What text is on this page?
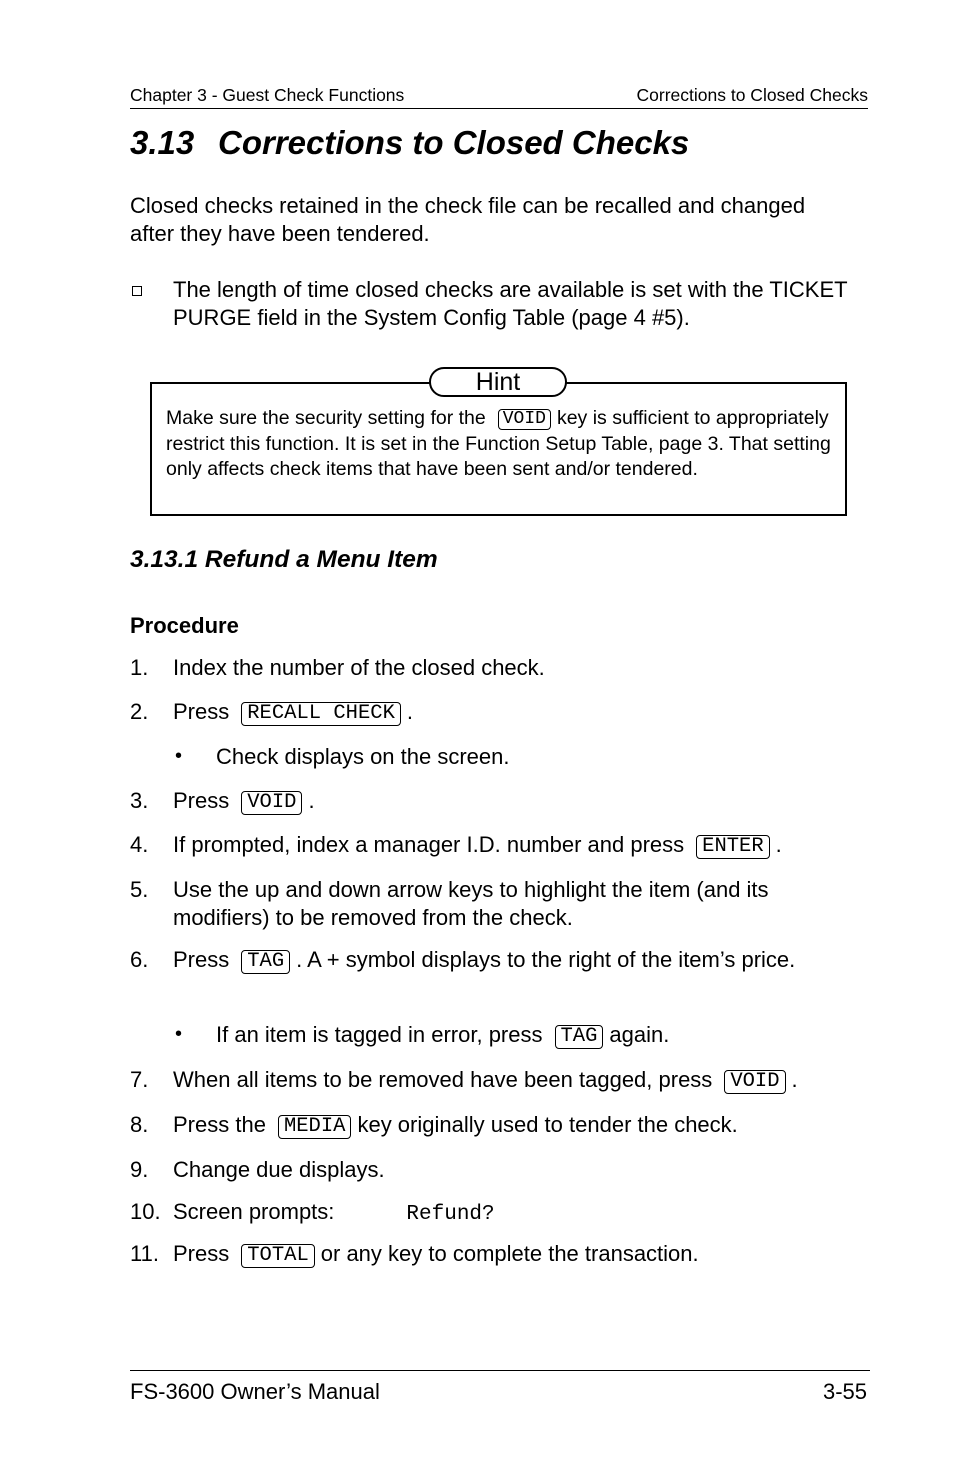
Chapter 3 - Guest Check Functions	Corrections to Closed Checks
3.13 Corrections to Closed Checks
Closed checks retained in the check file can be recalled and changed after they have been tendered.
The length of time closed checks are available is set with the TICKET PURGE field in the System Config Table (page 4 #5).
Hint
Make sure the security setting for the VOID key is sufficient to appropriately restrict this function. It is set in the Function Setup Table, page 3. That setting only affects check items that have been sent and/or tendered.
3.13.1 Refund a Menu Item
Procedure
1. Index the number of the closed check.
2. Press RECALL CHECK .
• Check displays on the screen.
3. Press VOID .
4. If prompted, index a manager I.D. number and press ENTER .
5. Use the up and down arrow keys to highlight the item (and its modifiers) to be removed from the check.
6. Press TAG . A + symbol displays to the right of the item’s price.
• If an item is tagged in error, press TAG again.
7. When all items to be removed have been tagged, press VOID .
8. Press the MEDIA key originally used to tender the check.
9. Change due displays.
10. Screen prompts:	Refund?
11. Press TOTAL or any key to complete the transaction.
FS-3600 Owner’s Manual	3-55
